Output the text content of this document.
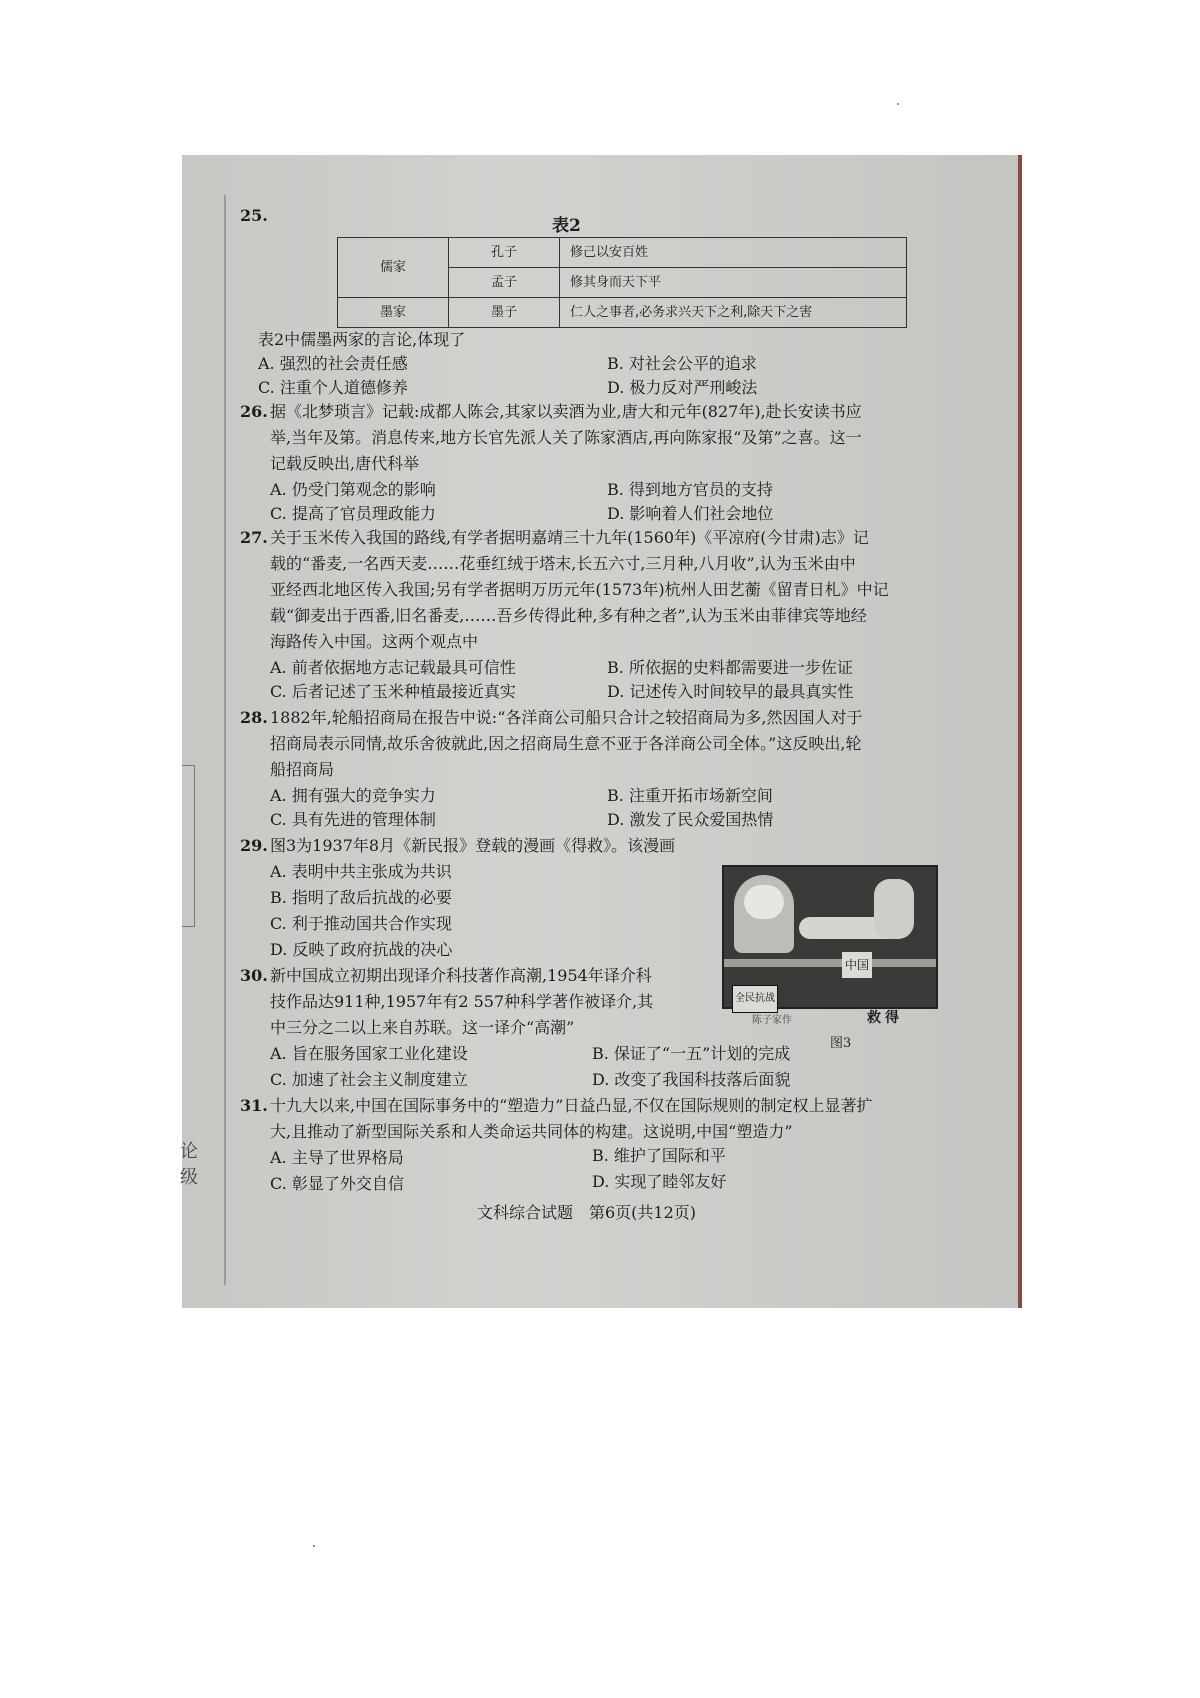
论
级
25.
表2
儒家	孔子	修己以安百姓
	孟子	修其身而天下平
墨家	墨子	仁人之事者,必务求兴天下之利,除天下之害
表2中儒墨两家的言论,体现了
A. 强烈的社会责任感	B. 对社会公平的追求
C. 注重个人道德修养	D. 极力反对严刑峻法
26. 据《北梦琐言》记载:成都人陈会,其家以卖酒为业,唐大和元年(827年),赴长安读书应
举,当年及第。消息传来,地方长官先派人关了陈家酒店,再向陈家报“及第”之喜。这一
记载反映出,唐代科举
A. 仍受门第观念的影响	B. 得到地方官员的支持
C. 提高了官员理政能力	D. 影响着人们社会地位
27. 关于玉米传入我国的路线,有学者据明嘉靖三十九年(1560年)《平凉府(今甘肃)志》记
载的“番麦,一名西天麦……花垂红绒于塔末,长五六寸,三月种,八月收”,认为玉米由中
亚经西北地区传入我国;另有学者据明万历元年(1573年)杭州人田艺蘅《留青日札》中记
载“御麦出于西番,旧名番麦,……吾乡传得此种,多有种之者”,认为玉米由菲律宾等地经
海路传入中国。这两个观点中
A. 前者依据地方志记载最具可信性	B. 所依据的史料都需要进一步佐证
C. 后者记述了玉米种植最接近真实	D. 记述传入时间较早的最具真实性
28. 1882年,轮船招商局在报告中说:“各洋商公司船只合计之较招商局为多,然因国人对于
招商局表示同情,故乐舍彼就此,因之招商局生意不亚于各洋商公司全体。”这反映出,轮
船招商局
A. 拥有强大的竞争实力	B. 注重开拓市场新空间
C. 具有先进的管理体制	D. 激发了民众爱国热情
29. 图3为1937年8月《新民报》登载的漫画《得救》。该漫画
A. 表明中共主张成为共识
B. 指明了敌后抗战的必要
C. 利于推动国共合作实现
D. 反映了政府抗战的决心
中国
全民抗战
陈子家作	救得
图3
30. 新中国成立初期出现译介科技著作高潮,1954年译介科
技作品达911种,1957年有2 557种科学著作被译介,其
中三分之二以上来自苏联。这一译介“高潮”
A. 旨在服务国家工业化建设	B. 保证了“一五”计划的完成
C. 加速了社会主义制度建立	D. 改变了我国科技落后面貌
31. 十九大以来,中国在国际事务中的“塑造力”日益凸显,不仅在国际规则的制定权上显著扩
大,且推动了新型国际关系和人类命运共同体的构建。这说明,中国“塑造力”
A. 主导了世界格局	B. 维护了国际和平
C. 彰显了外交自信	D. 实现了睦邻友好
文科综合试题　第6页(共12页)
